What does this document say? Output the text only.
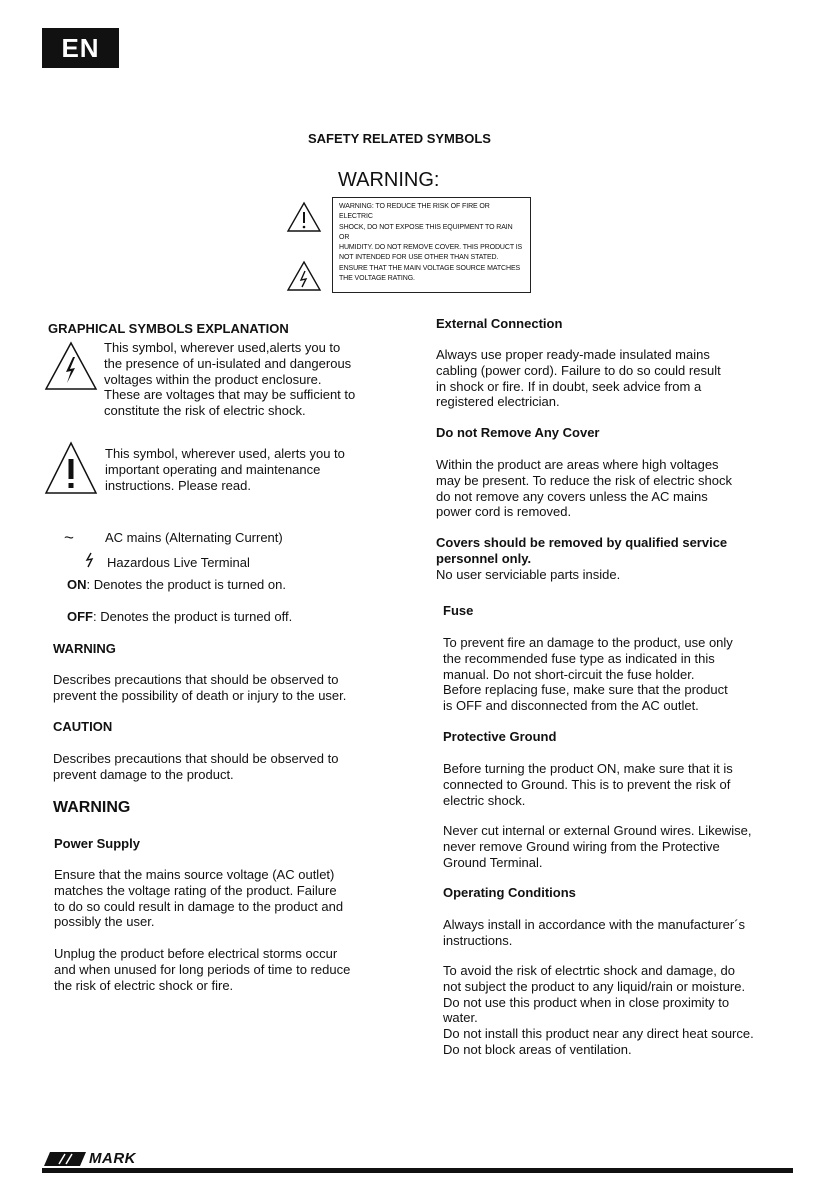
EN
SAFETY RELATED SYMBOLS
WARNING:
WARNING: TO REDUCE THE RISK OF FIRE OR ELECTRIC
SHOCK, DO NOT EXPOSE THIS EQUIPMENT TO RAIN OR
HUMIDITY. DO NOT REMOVE COVER. THIS PRODUCT IS
NOT INTENDED FOR USE OTHER THAN STATED.
ENSURE THAT THE MAIN VOLTAGE SOURCE MATCHES
THE VOLTAGE RATING.
GRAPHICAL SYMBOLS EXPLANATION
This symbol, wherever used,alerts you to
the presence of un-isulated and dangerous
voltages within the product enclosure.
These are voltages that may be sufficient to
constitute the risk of electric shock.
This symbol, wherever used, alerts you to
important operating and maintenance
instructions. Please read.
~ AC mains (Alternating Current)
Hazardous Live Terminal
ON: Denotes the product is turned on.
OFF: Denotes the product is turned off.
WARNING
Describes precautions that should be observed to
prevent the possibility of death or injury to the user.
CAUTION
Describes precautions that should be observed to
prevent damage to the product.
WARNING
Power Supply
Ensure that the mains source voltage (AC outlet)
matches the voltage rating of the product. Failure
to do so could result in damage to the product and
possibly the user.
Unplug the product before electrical storms occur
and when unused for long periods of time to reduce
the risk of electric shock or fire.
External Connection
Always use proper ready-made insulated mains
cabling (power cord). Failure to do so could result
in shock or fire. If in doubt, seek advice from a
registered electrician.
Do not Remove Any Cover
Within the product are areas where high voltages
may be present. To reduce the risk of electric shock
do not remove any covers unless the AC mains
power cord is removed.
Covers should be removed by qualified service
personnel only.
No user serviciable parts inside.
Fuse
To prevent fire an damage to the product, use only
the recommended fuse type as indicated in this
manual. Do not short-circuit the fuse holder.
Before replacing fuse, make sure that the product
is OFF and disconnected from the AC outlet.
Protective Ground
Before turning the product ON, make sure that it is
connected to Ground. This is to prevent the risk of
electric shock.
Never cut internal or external Ground wires. Likewise,
never remove Ground wiring from the Protective
Ground Terminal.
Operating Conditions
Always install in accordance with the manufacturer´s
instructions.
To avoid the risk of electrtic shock and damage, do
not subject the product to any liquid/rain or moisture.
Do not use this product when in close proximity to
water.
Do not install this product near any direct heat source.
Do not block areas of ventilation.
MARK
